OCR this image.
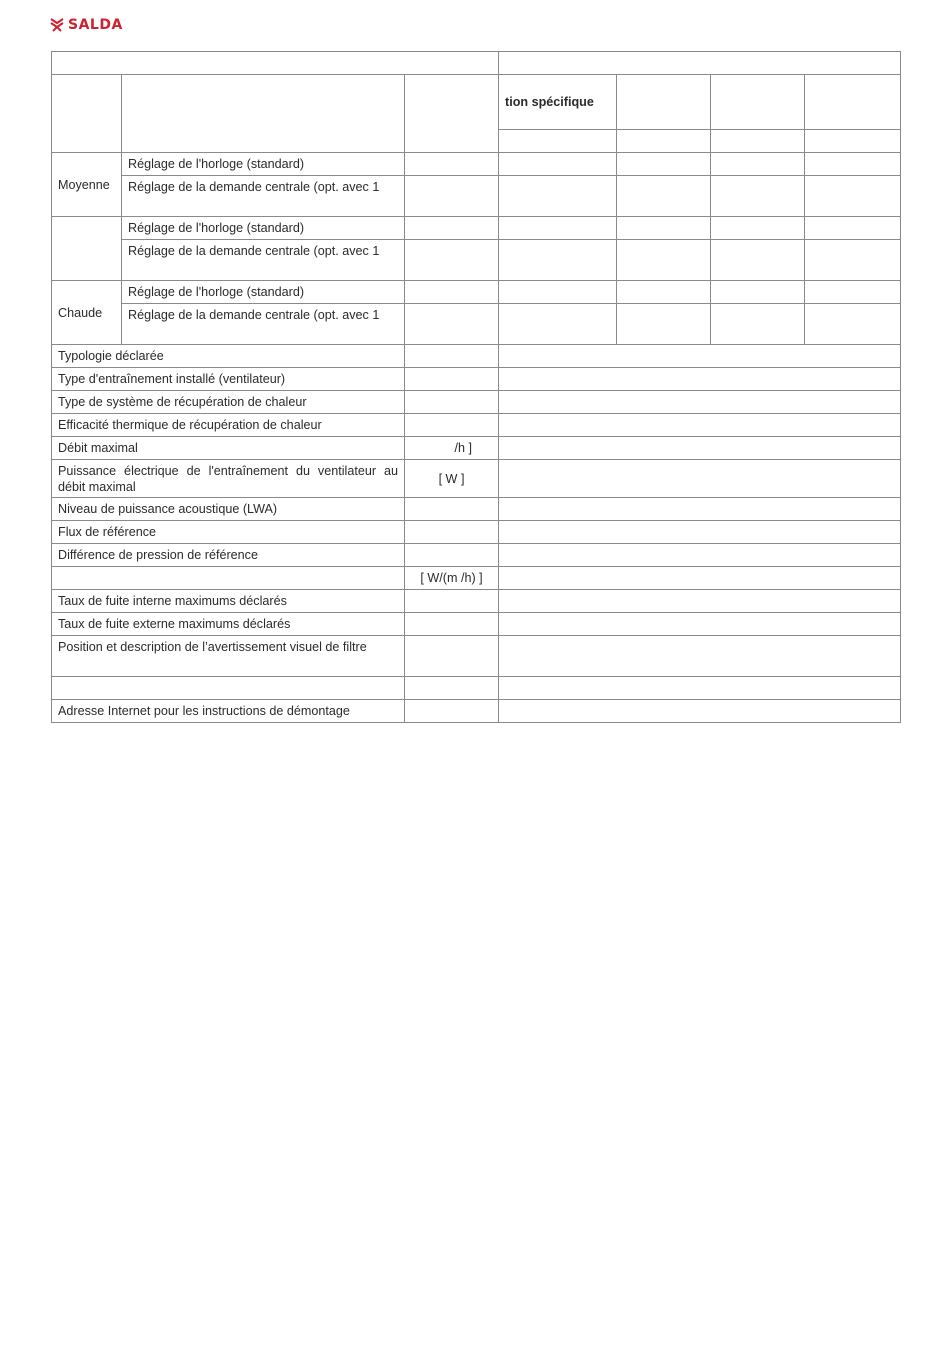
SALDA

			tion spécifique			

Moyenne	Réglage de l'horloge (standard)					
	Réglage de la demande centrale (opt. avec 1					
	Réglage de l'horloge (standard)					
	Réglage de la demande centrale (opt. avec 1					
Chaude	Réglage de l'horloge (standard)					
	Réglage de la demande centrale (opt. avec 1					
Typologie déclarée						
Type d'entraînement installé (ventilateur)						
Type de système de récupération de chaleur						
Efficacité thermique de récupération de chaleur						
Débit maximal		/h ]				
Puissance électrique de l'entraînement du ventilateur au débit maximal		[ W ]				
Niveau de puissance acoustique (LWA)						
Flux de référence						
Différence de pression de référence						
		[ W/(m /h) ]				
Taux de fuite interne maximums déclarés						
Taux de fuite externe maximums déclarés						
Position et description de l’avertissement visuel de filtre						

Adresse Internet pour les instructions de démontage						
